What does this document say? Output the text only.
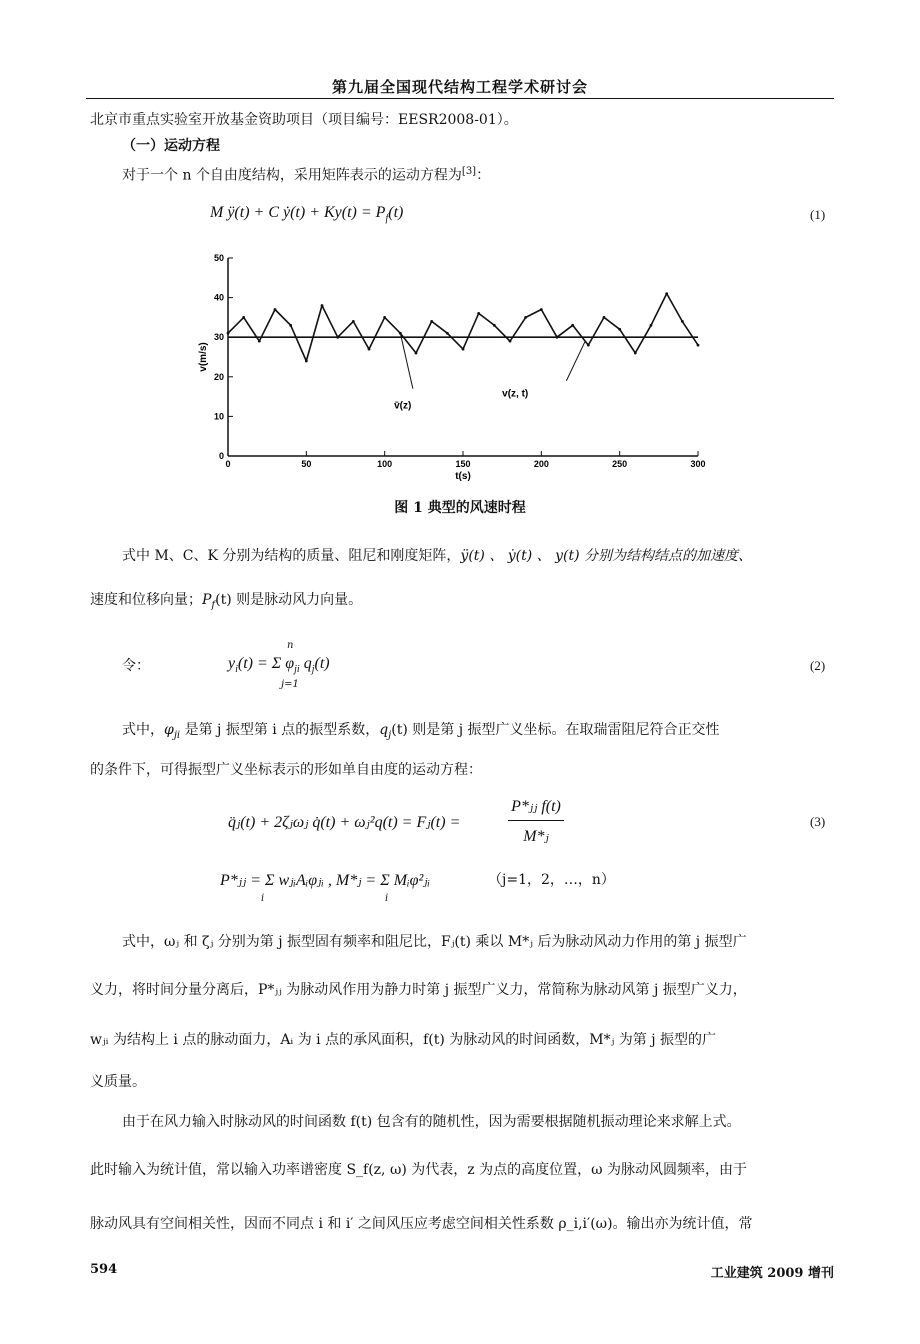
第九届全国现代结构工程学术研讨会
北京市重点实验室开放基金资助项目（项目编号：EESR2008-01）。
（一）运动方程
对于一个 n 个自由度结构，采用矩阵表示的运动方程为[3]：
M ÿ(t) + C ẏ(t) + $Ky(t) = P_f(t)$	(1)
0
10
20
30
40
50
0	50	100	150	200	250	300
t(s)
v(m/s)
v̄(z)
v(z, t)
图 1 典型的风速时程
式中 M、C、K 分别为结构的质量、阻尼和刚度矩阵，ÿ(t) 、 ẏ(t) 、 y(t) 分别为结构结点的加速度、
速度和位移向量；$P_f(t)$ 则是脉动风力向量。
令：	$y_i(t) = \Sigma$ $\varphi_{ji}$ $q_j(t)$
n
j=1
(2)
式中，$\varphi_{ji}$ 是第 j 振型第 i 点的振型系数，$q_j(t)$ 则是第 j 振型广义坐标。在取瑞雷阻尼符合正交性
的条件下，可得振型广义坐标表示的形如单自由度的运动方程：
q̈ⱼ(t) + 2ζⱼωⱼ q̇(t) + ωⱼ²q(t) = Fⱼ(t) =
P*ⱼⱼ f(t)
M*ⱼ
(3)
P*ⱼⱼ = Σ wⱼᵢAᵢφⱼᵢ , M*ⱼ = Σ Mᵢφ²ⱼᵢ
i	i
（j=1，2，…，n）
式中，ωⱼ 和 ζⱼ 分别为第 j 振型固有频率和阻尼比，Fⱼ(t) 乘以 M*ⱼ 后为脉动风动力作用的第 j 振型广
义力，将时间分量分离后，P*ⱼⱼ 为脉动风作用为静力时第 j 振型广义力，常简称为脉动风第 j 振型广义力，
wⱼᵢ 为结构上 i 点的脉动面力，Aᵢ 为 i 点的承风面积，f(t) 为脉动风的时间函数，M*ⱼ 为第 j 振型的广
义质量。
由于在风力输入时脉动风的时间函数 f(t) 包含有的随机性，因为需要根据随机振动理论来求解上式。
此时输入为统计值，常以输入功率谱密度 S_f(z, ω) 为代表，z 为点的高度位置，ω 为脉动风圆频率，由于
脉动风具有空间相关性，因而不同点 i 和 i′ 之间风压应考虑空间相关性系数 ρ_i,i′(ω)。输出亦为统计值，常
594	工业建筑 2009 增刊
